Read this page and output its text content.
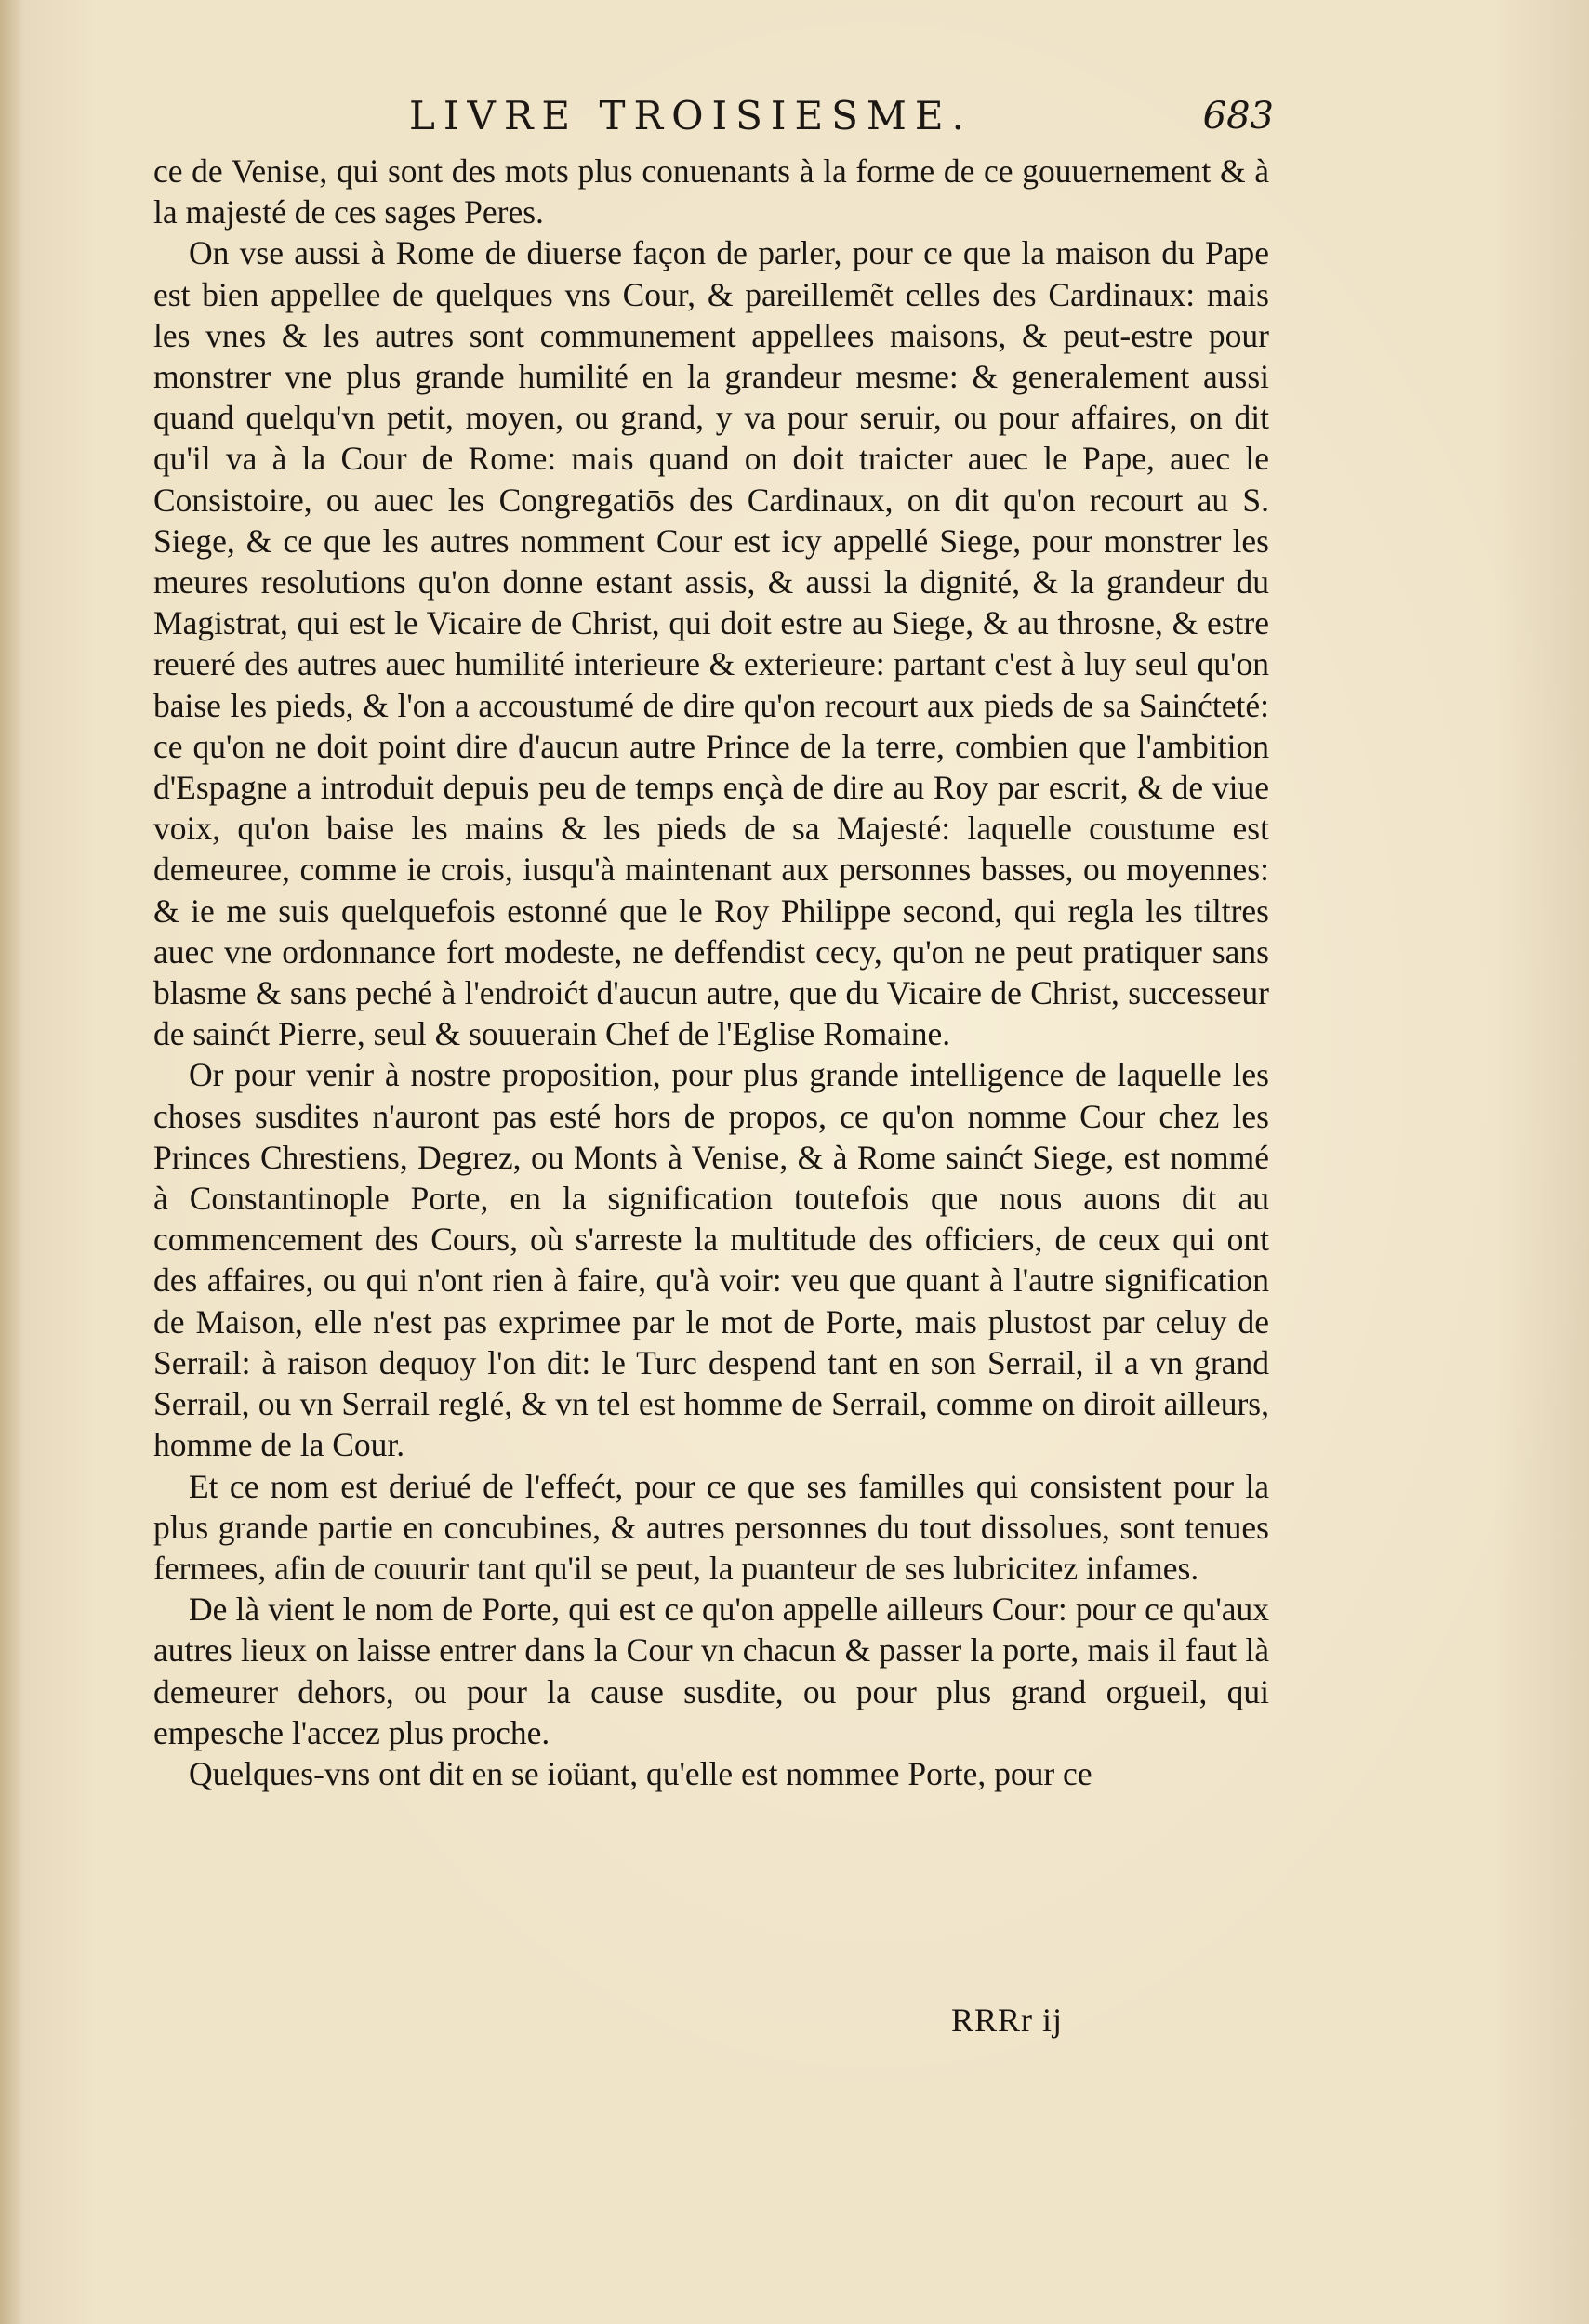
LIVRE TROISIESME.	683

ce de Venise, qui sont des mots plus conuenants à la forme de ce gouuernement & à la majesté de ces sages Peres.

On vse aussi à Rome de diuerse façon de parler, pour ce que la maison du Pape est bien appellee de quelques vns Cour, & pareillemẽt celles des Cardinaux: mais les vnes & les autres sont communement appellees maisons, & peut-estre pour monstrer vne plus grande humilité en la grandeur mesme: & generalement aussi quand quelqu'vn petit, moyen, ou grand, y va pour seruir, ou pour affaires, on dit qu'il va à la Cour de Rome: mais quand on doit traicter auec le Pape, auec le Consistoire, ou auec les Congregatiōs des Cardinaux, on dit qu'on recourt au S. Siege, & ce que les autres nomment Cour est icy appellé Siege, pour monstrer les meures resolutions qu'on donne estant assis, & aussi la dignité, & la grandeur du Magistrat, qui est le Vicaire de Christ, qui doit estre au Siege, & au throsne, & estre reueré des autres auec humilité interieure & exterieure: partant c'est à luy seul qu'on baise les pieds, & l'on a accoustumé de dire qu'on recourt aux pieds de sa Sainćteté: ce qu'on ne doit point dire d'aucun autre Prince de la terre, combien que l'ambition d'Espagne a introduit depuis peu de temps ençà de dire au Roy par escrit, & de viue voix, qu'on baise les mains & les pieds de sa Majesté: laquelle coustume est demeuree, comme ie crois, iusqu'à maintenant aux personnes basses, ou moyennes: & ie me suis quelquefois estonné que le Roy Philippe second, qui regla les tiltres auec vne ordonnance fort modeste, ne deffendist cecy, qu'on ne peut pratiquer sans blasme & sans peché à l'endroićt d'aucun autre, que du Vicaire de Christ, successeur de sainćt Pierre, seul & souuerain Chef de l'Eglise Romaine.

Or pour venir à nostre proposition, pour plus grande intelligence de laquelle les choses susdites n'auront pas esté hors de propos, ce qu'on nomme Cour chez les Princes Chrestiens, Degrez, ou Monts à Venise, & à Rome sainćt Siege, est nommé à Constantinople Porte, en la signification toutefois que nous auons dit au commencement des Cours, où s'arreste la multitude des officiers, de ceux qui ont des affaires, ou qui n'ont rien à faire, qu'à voir: veu que quant à l'autre signification de Maison, elle n'est pas exprimee par le mot de Porte, mais plustost par celuy de Serrail: à raison dequoy l'on dit: le Turc despend tant en son Serrail, il a vn grand Serrail, ou vn Serrail reglé, & vn tel est homme de Serrail, comme on diroit ailleurs, homme de la Cour.

Et ce nom est deriué de l'effećt, pour ce que ses familles qui consistent pour la plus grande partie en concubines, & autres personnes du tout dissolues, sont tenues fermees, afin de couurir tant qu'il se peut, la puanteur de ses lubricitez infames.

De là vient le nom de Porte, qui est ce qu'on appelle ailleurs Cour: pour ce qu'aux autres lieux on laisse entrer dans la Cour vn chacun & passer la porte, mais il faut là demeurer dehors, ou pour la cause susdite, ou pour plus grand orgueil, qui empesche l'accez plus proche.

Quelques-vns ont dit en se ioüant, qu'elle est nommee Porte, pour ce

RRRr ij
